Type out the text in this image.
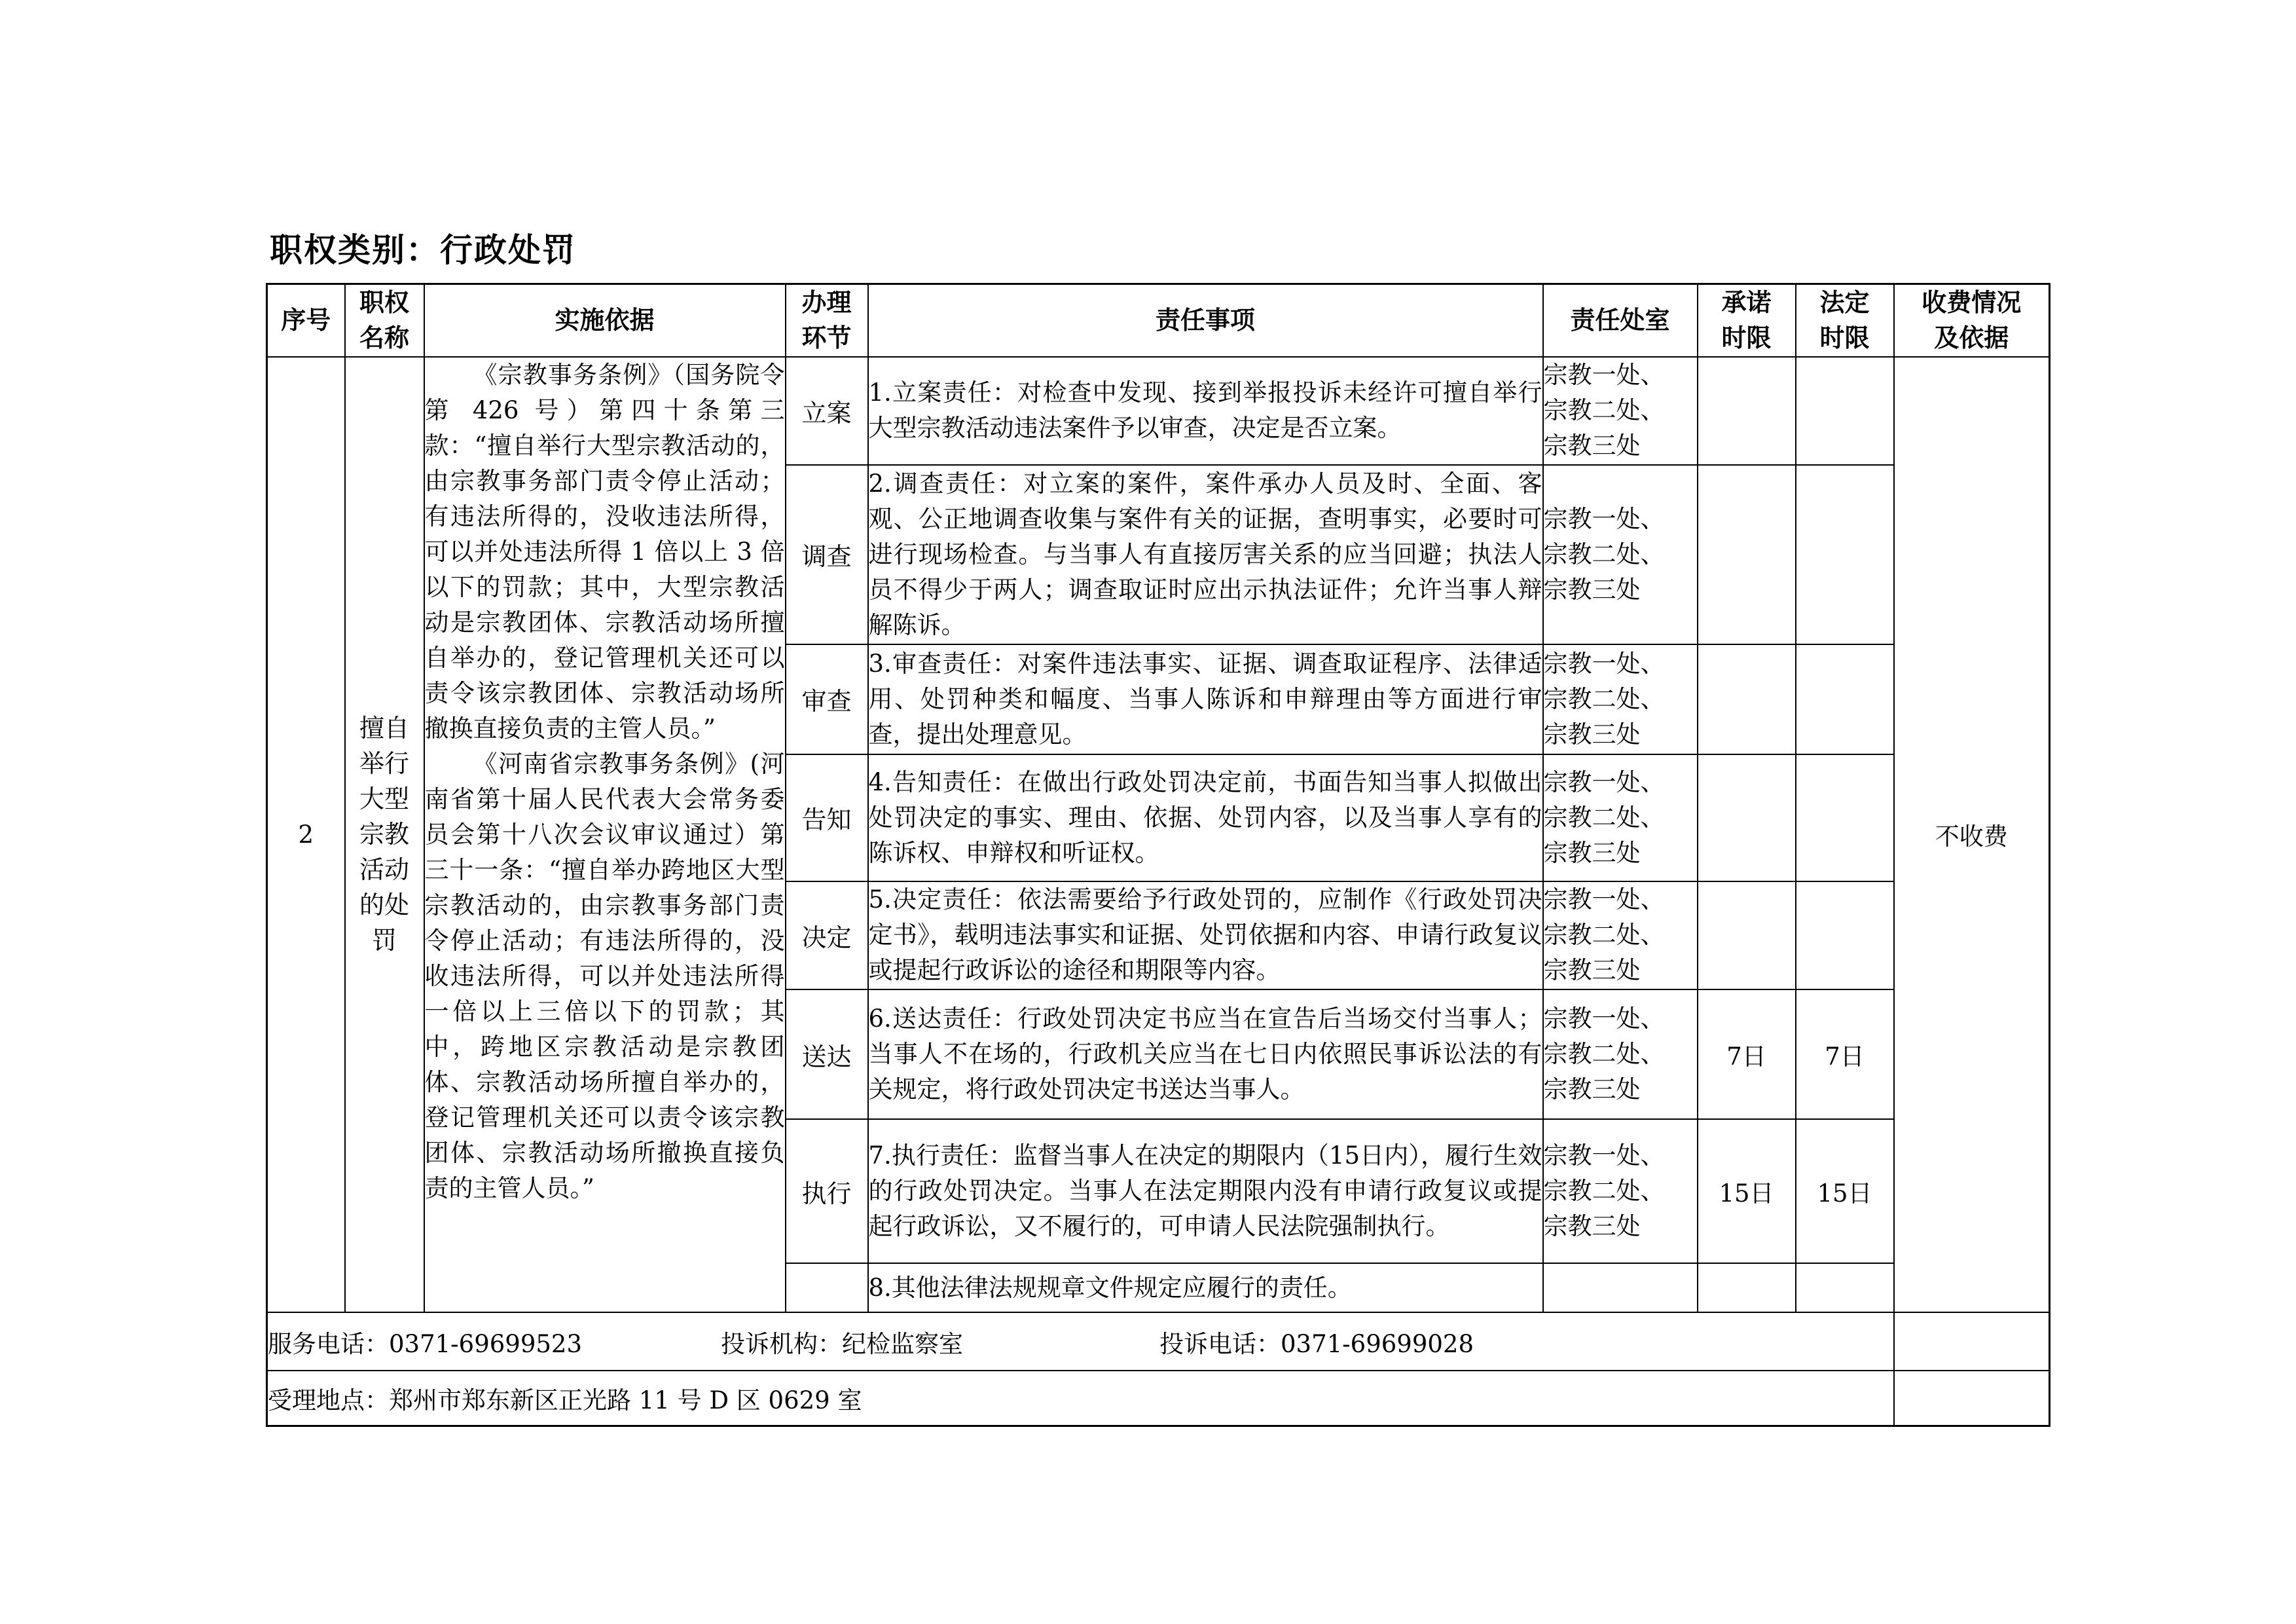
职权类别：行政处罚
序号	职权名称	实施依据	办理环节	责任事项	责任处室	承诺时限	法定时限	收费情况及依据

2	擅自举行大型宗教活动的处罚	《宗教事务条例》（国务院令第 426 号）第四十条第三款：“擅自举行大型宗教活动的，由宗教事务部门责令停止活动；有违法所得的，没收违法所得，可以并处违法所得 1 倍以上 3 倍以下的罚款；其中，大型宗教活动是宗教团体、宗教活动场所擅自举办的，登记管理机关还可以责令该宗教团体、宗教活动场所撤换直接负责的主管人员。”

《河南省宗教事务条例》(河南省第十届人民代表大会常务委员会第十八次会议审议通过）第三十一条：“擅自举办跨地区大型宗教活动的，由宗教事务部门责令停止活动；有违法所得的，没收违法所得，可以并处违法所得一倍以上三倍以下的罚款；其中，跨地区宗教活动是宗教团体、宗教活动场所擅自举办的，登记管理机关还可以责令该宗教团体、宗教活动场所撤换直接负责的主管人员。”	立案	1.立案责任：对检查中发现、接到举报投诉未经许可擅自举行大型宗教活动违法案件予以审查，决定是否立案。	宗教一处、宗教二处、宗教三处			不收费
			调查	2.调查责任：对立案的案件，案件承办人员及时、全面、客观、公正地调查收集与案件有关的证据，查明事实，必要时可进行现场检查。与当事人有直接厉害关系的应当回避；执法人员不得少于两人；调查取证时应出示执法证件；允许当事人辩解陈诉。	宗教一处、宗教二处、宗教三处			

			审查	3.审查责任：对案件违法事实、证据、调查取证程序、法律适用、处罚种类和幅度、当事人陈诉和申辩理由等方面进行审查，提出处理意见。	宗教一处、宗教二处、宗教三处			

			告知	4.告知责任：在做出行政处罚决定前，书面告知当事人拟做出处罚决定的事实、理由、依据、处罚内容，以及当事人享有的陈诉权、申辩权和听证权。	宗教一处、宗教二处、宗教三处			

			决定	5.决定责任：依法需要给予行政处罚的，应制作《行政处罚决定书》，载明违法事实和证据、处罚依据和内容、申请行政复议或提起行政诉讼的途径和期限等内容。	宗教一处、宗教二处、宗教三处			

			送达	6.送达责任：行政处罚决定书应当在宣告后当场交付当事人；当事人不在场的，行政机关应当在七日内依照民事诉讼法的有关规定，将行政处罚决定书送达当事人。	宗教一处、宗教二处、宗教三处	7日	7日	
			执行	7.执行责任：监督当事人在决定的期限内（15日内），履行生效的行政处罚决定。当事人在法定期限内没有申请行政复议或提起行政诉讼，又不履行的，可申请人民法院强制执行。	宗教一处、宗教二处、宗教三处	15日	15日	
				8.其他法律法规规章文件规定应履行的责任。				
服务电话：0371-69699523 投诉机构：纪检监察室 投诉电话：0371-69699028								
受理地点：郑州市郑东新区正光路 11 号 D 区 0629 室								
